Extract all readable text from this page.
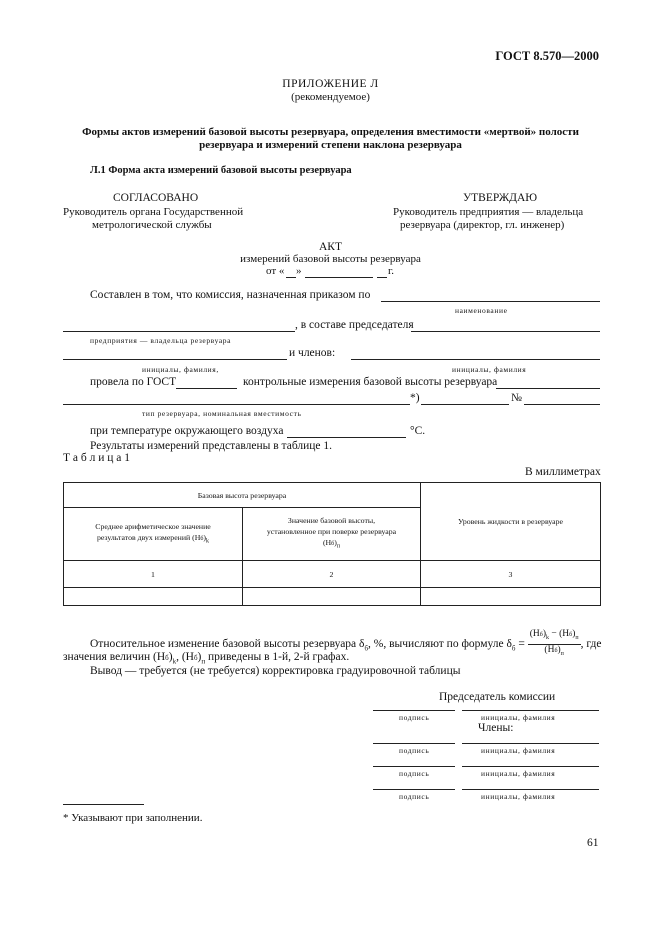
ГОСТ 8.570—2000
ПРИЛОЖЕНИЕ Л
(рекомендуемое)
Формы актов измерений базовой высоты резервуара, определения вместимости «мертвой» полости
резервуара и измерений степени наклона резервуара
Л.1 Форма акта измерений базовой высоты резервуара
СОГЛАСОВАНО
Руководитель органа Государственной
метрологической службы
УТВЕРЖДАЮ
Руководитель предприятия — владельца
резервуара (директор, гл. инженер)
АКТ
измерений базовой высоты резервуара
от « »	г.
Составлен в том, что комиссия, назначенная приказом по
наименование
, в составе председателя
предприятия — владельца резервуара
и членов:
инициалы, фамилия,	инициалы, фамилия
провела по ГОСТ	контрольные измерения базовой высоты резервуара
*)	№
тип резервуара, номинальная вместимость
при температуре окружающего воздуха	°С.
Результаты измерений представлены в таблице 1.
Т а б л и ц а 1
В миллиметрах
Базовая высота резервуара		Уровень жидкости в резервуаре
Среднее арифметическое значение
результатов двух измерений $(Hб)_k$	Значение базовой высоты,
установленное при поверке резервуара
$(Hб)_п$
1	2	3

Относительное изменение базовой высоты резервуара $\delta_б$, %, вычисляют по формуле $\delta_б = \frac{(Hб)_k - (Hб)_п}{(Hб)_п}$ , где
значения величин $(Hб)_k$, $(Hб)_п$ приведены в 1-й, 2-й графах.
Вывод — требуется (не требуется) корректировка градуировочной таблицы
Председатель комиссии
подпись	инициалы, фамилия
Члены:
подпись	инициалы, фамилия
подпись	инициалы, фамилия
подпись	инициалы, фамилия
* Указывают при заполнении.
61
